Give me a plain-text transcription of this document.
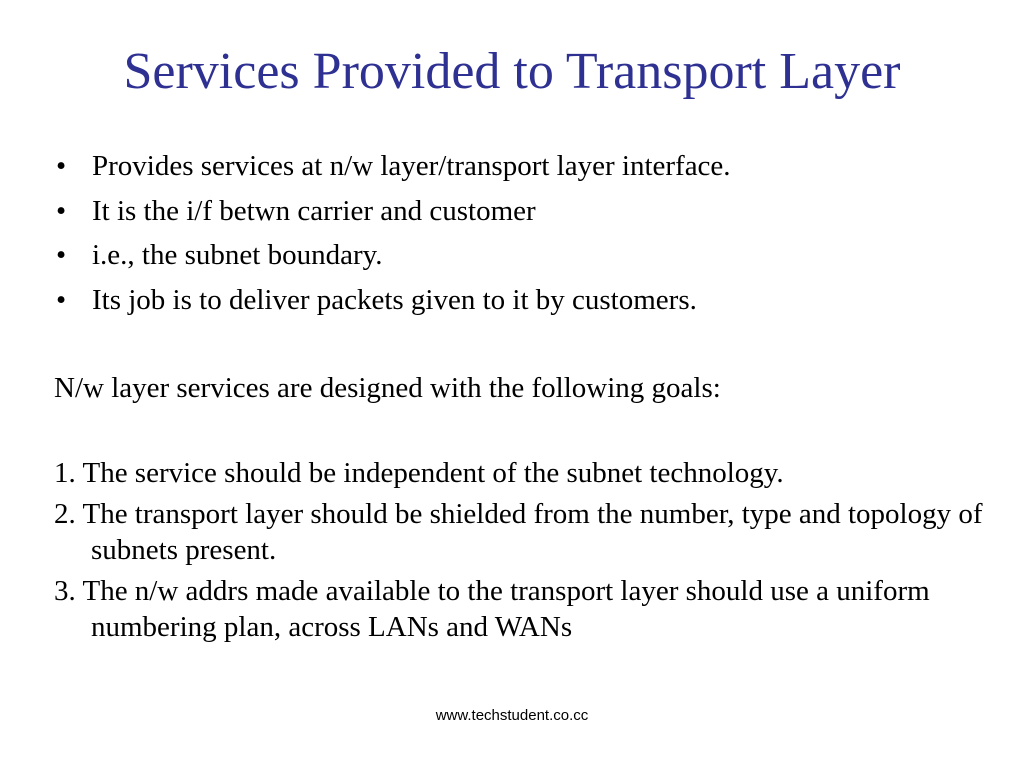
Services Provided to Transport Layer
• Provides services at n/w layer/transport layer interface.
• It is the i/f betwn carrier and customer
• i.e., the subnet boundary.
• Its job is to deliver packets given to it by customers.
N/w layer services are designed with the following goals:
1. The service should be independent of the subnet technology.
2. The transport layer should be shielded from the number, type and topology of subnets present.
3. The n/w addrs made available to the transport layer should use a uniform numbering plan, across LANs and WANs
www.techstudent.co.cc
